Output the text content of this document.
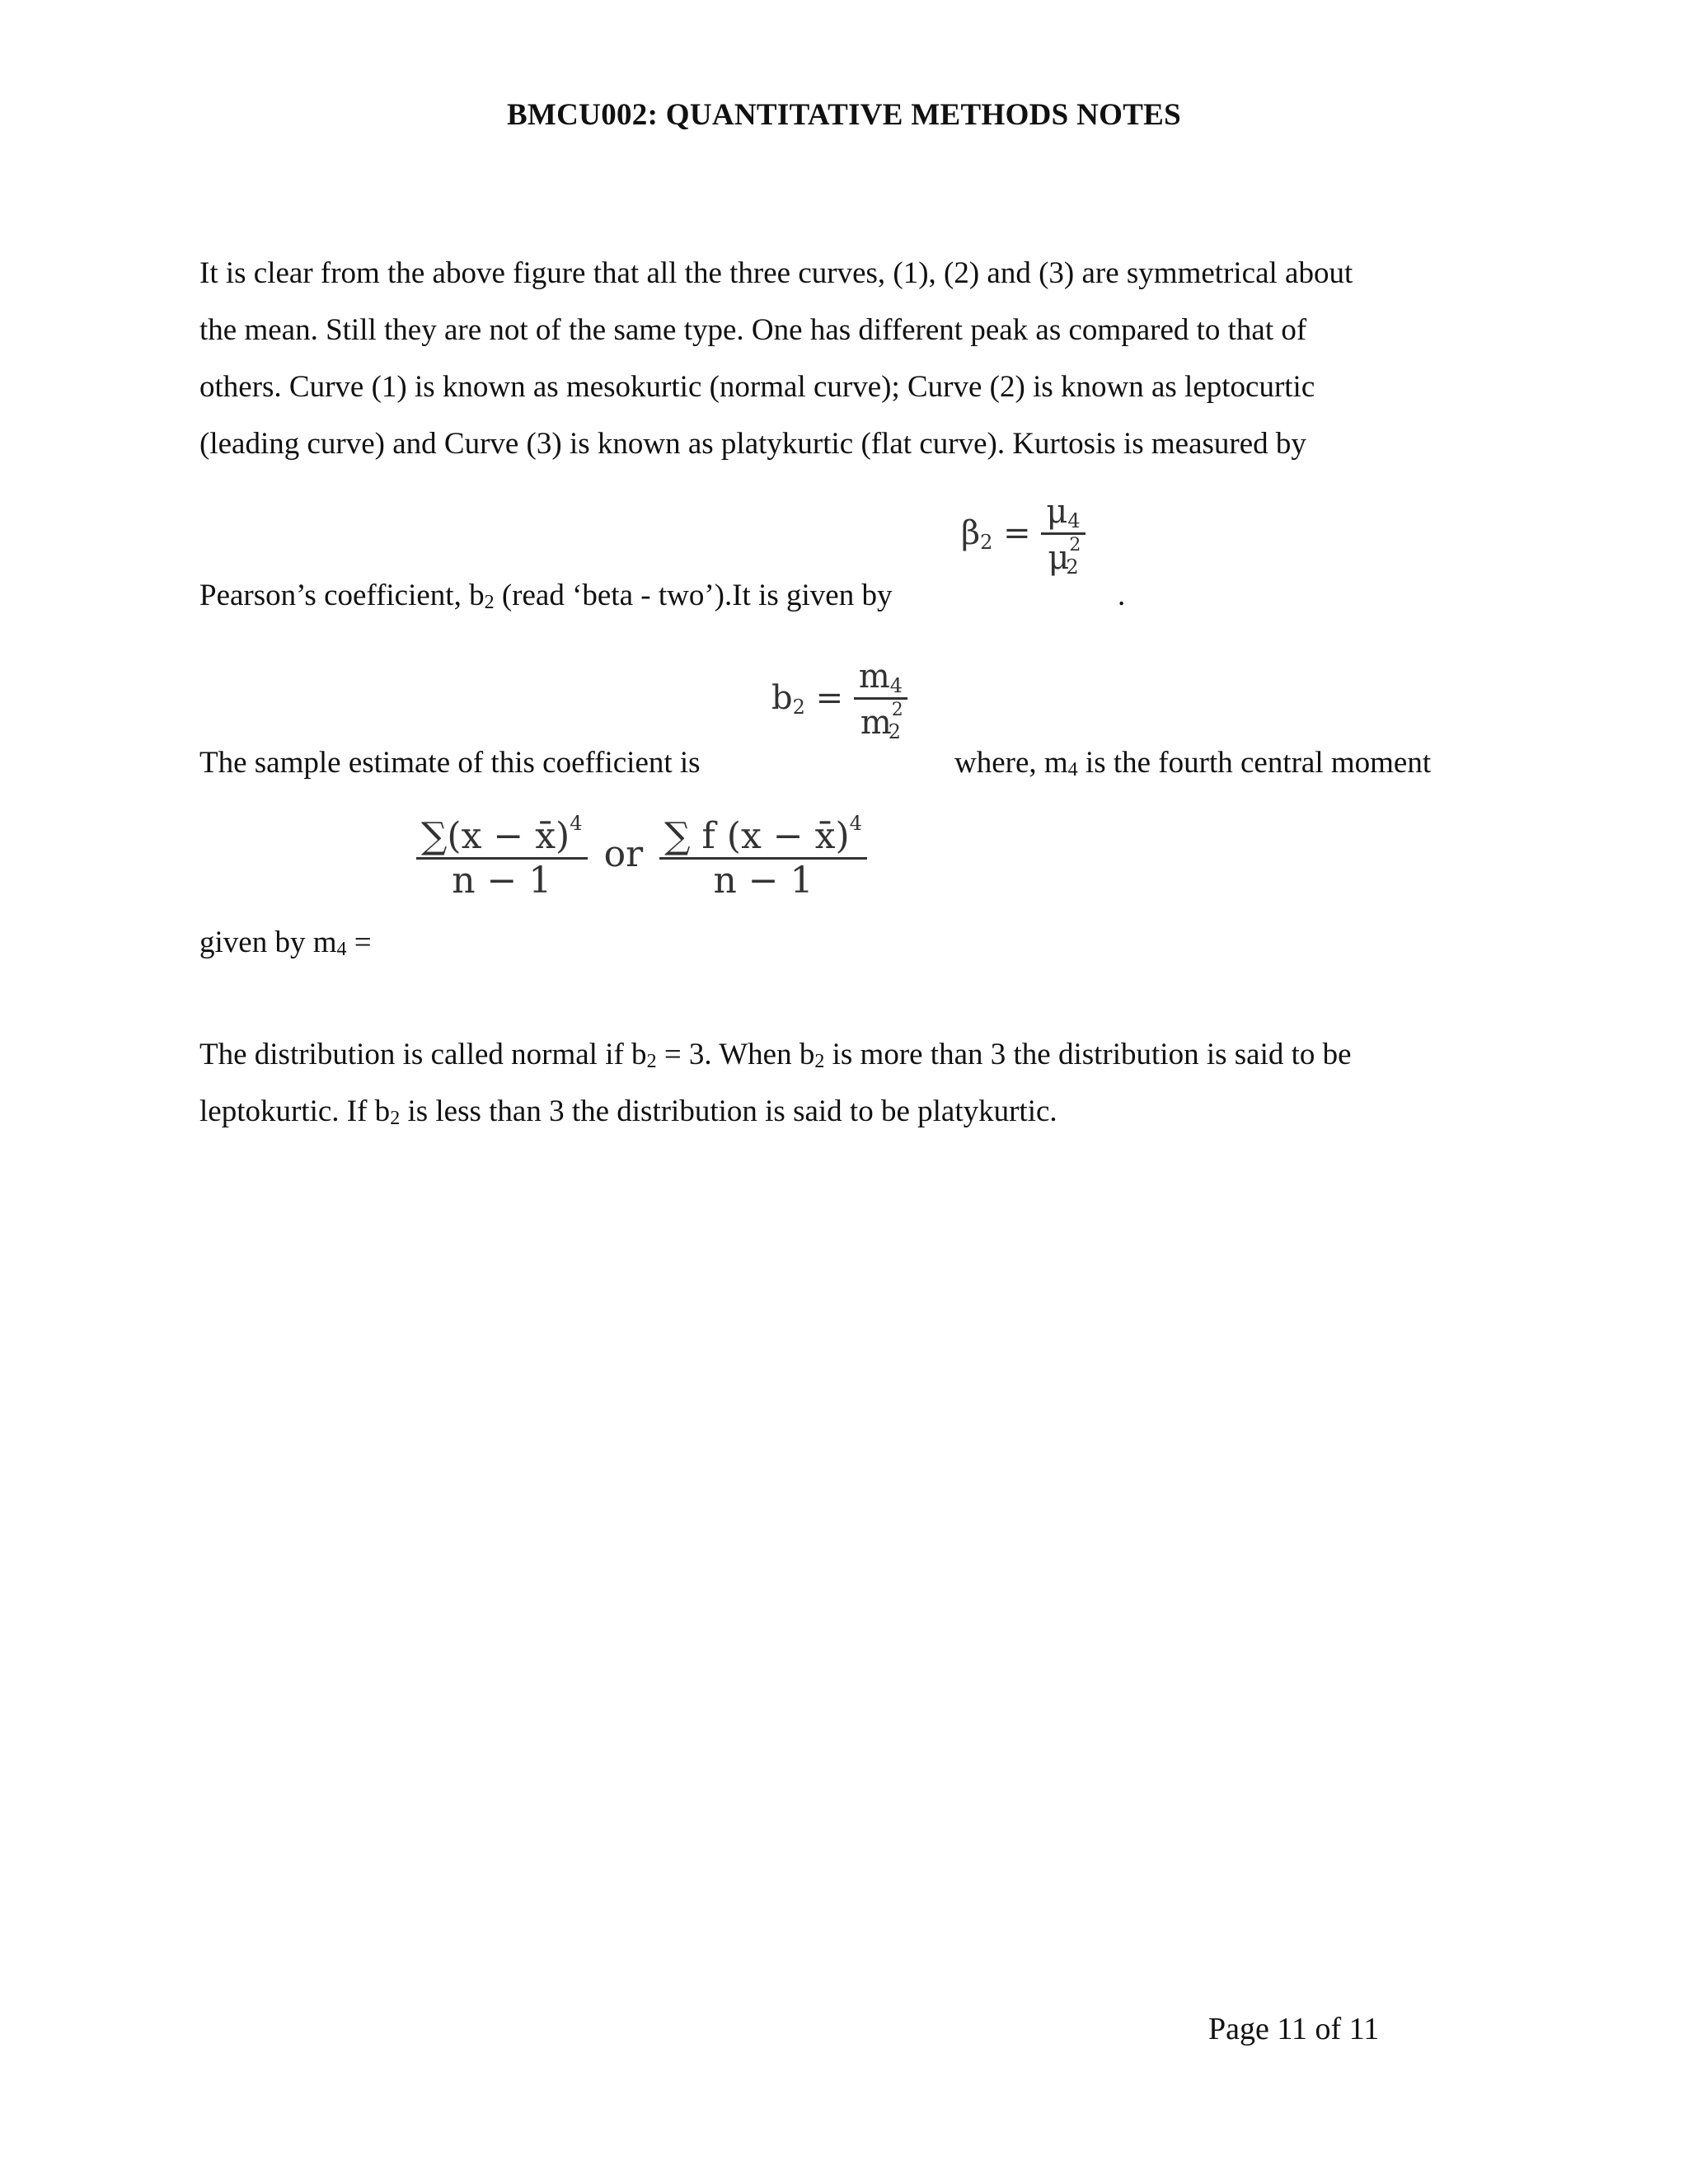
BMCU002: QUANTITATIVE METHODS NOTES
It is clear from the above figure that all the three curves, (1), (2) and (3) are symmetrical about
the mean. Still they are not of the same type. One has different peak as compared to that of
others. Curve (1) is known as mesokurtic (normal curve); Curve (2) is known as leptocurtic
(leading curve) and Curve (3) is known as platykurtic (flat curve). Kurtosis is measured by
Pearson’s coefficient, $b_2$ (read ‘beta - two’).It is given by	.
$\beta 2 = \frac{\mu 4}{\mu^22}$
The sample estimate of this coefficient is	where, $m_4$ is the fourth central moment
$b2 = \frac{m4}{m^22}$
given by $m_4$ =
$\frac{\sum(x - x̄)^4}{n - 1}$ or $\frac{\sum f (x - x̄)^4}{n - 1}$
The distribution is called normal if $b_2 = 3$. When $b_2$ is more than 3 the distribution is said to be
leptokurtic. If $b_2$ is less than 3 the distribution is said to be platykurtic.
Page 11 of 11
